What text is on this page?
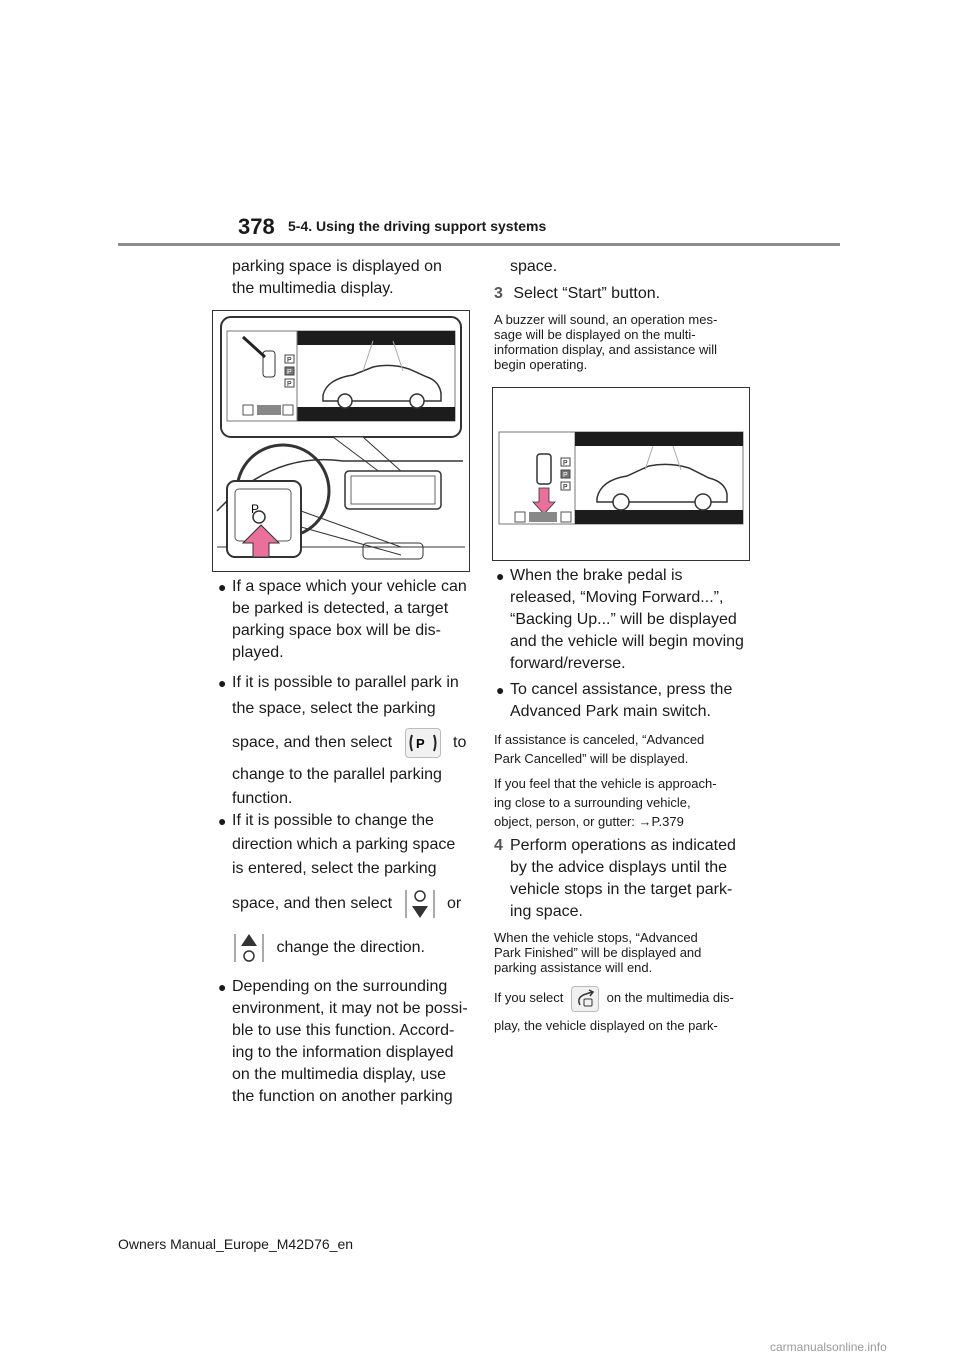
378 5-4. Using the driving support systems
parking space is displayed on
the multimedia display.
P
P
P
P
● If a space which your vehicle can
be parked is detected, a target
parking space box will be dis-
played.
● If it is possible to parallel park in
the space, select the parking
space, and then select P to
change to the parallel parking
function.
● If it is possible to change the
direction which a parking space
is entered, select the parking
space, and then select	or
change the direction.
● Depending on the surrounding
environment, it may not be possi-
ble to use this function. Accord-
ing to the information displayed
on the multimedia display, use
the function on another parking
space.
3 Select “Start” button.
A buzzer will sound, an operation mes-
sage will be displayed on the multi-
information display, and assistance will
begin operating.
P
P
P
● When the brake pedal is
released, “Moving Forward...”,
“Backing Up...” will be displayed
and the vehicle will begin moving
forward/reverse.
● To cancel assistance, press the
Advanced Park main switch.
If assistance is canceled, “Advanced
Park Cancelled” will be displayed.
If you feel that the vehicle is approach-
ing close to a surrounding vehicle,
object, person, or gutter: →P.379
4 Perform operations as indicated
by the advice displays until the
vehicle stops in the target park-
ing space.
When the vehicle stops, “Advanced
Park Finished” will be displayed and
parking assistance will end.
If you select	on the multimedia dis-
play, the vehicle displayed on the park-
Owners Manual_Europe_M42D76_en
carmanualsonline.info
